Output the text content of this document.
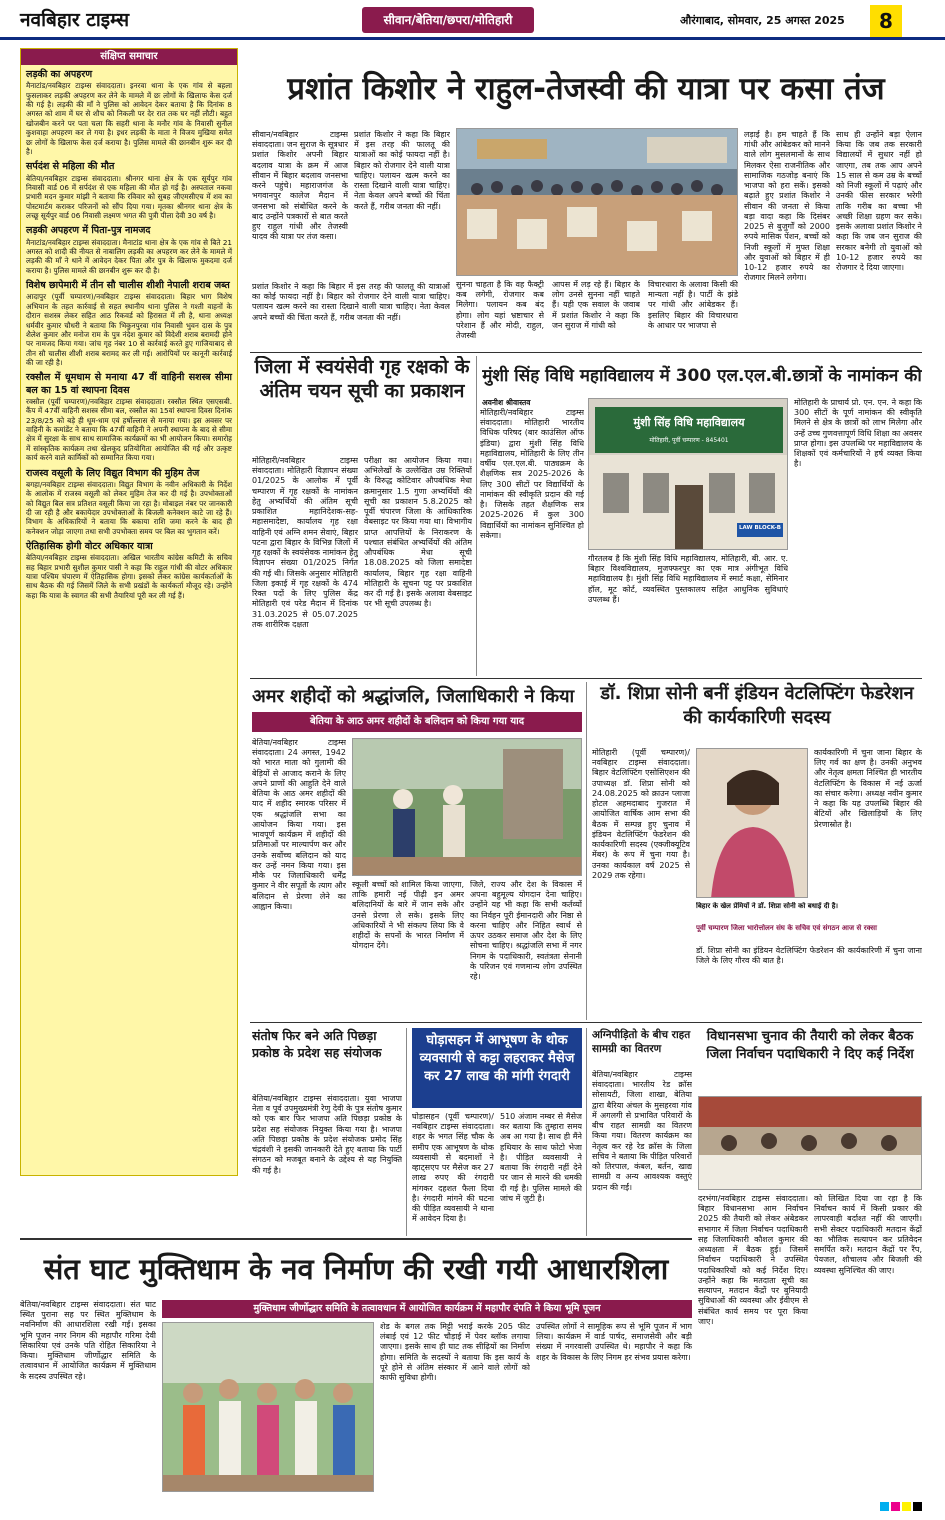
नवबिहार टाइम्स	सीवान/बेतिया/छपरा/मोतिहारी	औरंगाबाद, सोमवार, 25 अगस्त 2025	8
संक्षिप्त समाचार
लड़की का अपहरण
मैनाटांड/नवबिहार टाइम्स संवाददाता। इनरवा थाना के एक गांव से बहला फुसलाकर लड़की अपहरण कर लेने के मामले में छः लोगों के खिलाफ केस दर्ज की गई है। लड़की की माँ ने पुलिस को आवेदन देकर बताया है कि दिनांक 8 अगस्त को शाम में घर से शौच को निकली पर देर रात तक घर नहीं लौटी। बहुत खोजबीन करने पर पता चला कि सहरी थाना के मनौर गांव के निवासी सुनील कुशवाहा अपहरण कर ले गया है। इधर लड़की के माता ने विजय मुखिया समेत छः लोगों के खिलाफ केस दर्ज कराया है। पुलिस मामले की छानबीन शुरू कर दी है।
सर्पदंश से महिला की मौत
बेतिया/नवबिहार टाइम्स संवाददाता। श्रीनगर थाना क्षेत्र के एक सूर्यपुर गांव निवासी वार्ड 06 में सर्पदंश से एक महिला की मौत हो गई है। अस्पताल नकवा प्रभारी मदन कुमार मांझी ने बताया कि रविवार को सुबह जीएमसीएच में शव का पोस्टमार्टम कराकर परिजनों को सौंप दिया गया। मृतका श्रीनगर थाना क्षेत्र के लच्छू सूर्यपुर वार्ड 06 निवासी लक्ष्मण भगत की पुत्री पीला देवी 30 वर्ष है।
लड़की अपहरण में पिता-पुत्र नामजद
मैनाटांड/नवबिहार टाइम्स संवाददाता। मैनाटांड थाना क्षेत्र के एक गांव से बिते 21 अगस्त को शादी की नीयत से नाबालिग लड़की का अपहरण कर लेने के मामले में लड़की की माँ ने थाने में आवेदन देकर पिता और पुत्र के खिलाफ मुकदमा दर्ज कराया है। पुलिस मामले की छानबीन शुरू कर दी है।
विशेष छापेमारी में तीन सौ चालीस शीशी नेपाली शराब जब्त
आदापुर (पूर्वी चम्पारण)/नवबिहार टाइम्स संवाददाता। बिहार भाग विशेष अभियान के तहत कार्रवाई से सहत स्थानीय थाना पुलिस ने गश्ती वाहनों के दौरान सशस्त्र लेकर सहित आठ रिकवर्ड को हिरासत में ली है, थाना अध्यक्ष धर्मवीर कुमार चौधरी ने बताया कि भिकुनपुरवा गांव निवासी भुवन दास के पुत्र शैलेश कुमार और मनोज राम के पुत्र नंदेश कुमार को विदेशी शराब बरामदी होने पर नामजद किया गया। जांच गृह नंबर 10 से कार्रवाई करते हुए गाजियाबाद से तीन सौ चालीस शीशी शराब बरामद कर ली गई। आरोपियों पर कानूनी कार्रवाई की जा रही है।
रक्सौल में धूमधाम से मनाया 47 वीं वाहिनी सशस्त्र सीमा बल का 15 वां स्थापना दिवस
रक्सौल (पूर्वी चम्पारण)/नवबिहार टाइम्स संवाददाता। रक्सौल स्थित एसएसबी. कैंप में 47वीं वाहिनी सशस्त्र सीमा बल, रक्सौल का 15वां स्थापना दिवस दिनांक 23/8/25 को बड़े ही धूम-धाम एवं हर्षोल्लास से मनाया गया। इस अवसर पर वाहिनी के कमांडेंट ने बताया कि 47वीं वाहिनी ने अपनी स्थापना के बाद से सीमा क्षेत्र में सुरक्षा के साथ साथ सामाजिक कार्यक्रमों का भी आयोजन किया। समारोह में सांस्कृतिक कार्यक्रम तथा खेलकूद प्रतियोगिता आयोजित की गई और उत्कृष्ट कार्य करने वाले कार्मिकों को सम्मानित किया गया।
राजस्व वसूली के लिए विद्युत विभाग की मुहिम तेज
बगहा/नवबिहार टाइम्स संवाददाता। विद्युत विभाग के नवीन अधिकारी के निर्देश के आलोक में राजस्व वसूली को लेकर मुहिम तेज कर दी गई है। उपभोक्ताओं को विद्युत बिल सत्र प्रतिशत वसूली किया जा रहा है। मोबाइल नंबर पर जानकारी दी जा रही है और बकायेदार उपभोक्ताओं के बिजली कनेक्शन काटे जा रहे हैं। विभाग के अधिकारियों ने बताया कि बकाया राशि जमा करने के बाद ही कनेक्शन जोड़ा जाएगा तथा सभी उपभोक्ता समय पर बिल का भुगतान करें।
ऐतिहासिक होगी वोटर अधिकार यात्रा
बेतिया/नवबिहार टाइम्स संवाददाता। अखिल भारतीय कांग्रेस कमिटी के सचिव सह बिहार प्रभारी सुशील कुमार पासी ने कहा कि राहुल गांधी की वोटर अधिकार यात्रा पश्चिम चंपारण में ऐतिहासिक होगा। इसको लेकर कांग्रेस कार्यकर्ताओं के साथ बैठक की गई जिसमें जिले के सभी प्रखंडों के कार्यकर्ता मौजूद रहे। उन्होंने कहा कि यात्रा के स्वागत की सभी तैयारियां पूरी कर ली गई हैं।
प्रशांत किशोर ने राहुल-तेजस्वी की यात्रा पर कसा तंज
सीवान/नवबिहार टाइम्स संवाददाता। जन सुराज के सूत्रधार प्रशांत किशोर अपनी बिहार बदलाव यात्रा के क्रम में आज सीवान में बिहार बदलाव जनसभा करने पहुंचे। महाराजगंज के भगवानपुर कालेज मैदान में जनसभा को संबोधित करने के बाद उन्होंने पत्रकारों से बात करते हुए राहुल गांधी और तेजस्वी यादव की यात्रा पर तंज कसा।
प्रशांत किशोर ने कहा कि बिहार में इस तरह की फालतू की यात्राओं का कोई फायदा नहीं है। बिहार को रोजगार देने वाली यात्रा चाहिए। पलायन खत्म करने का रास्ता दिखाने वाली यात्रा चाहिए। नेता केवल अपने बच्चों की चिंता करते हैं, गरीब जनता की नहीं।
लड़ाई है। हम चाहते हैं कि गांधी और आंबेडकर को मानने वाले लोग मुसलमानों के साथ मिलकर ऐसा राजनीतिक और सामाजिक गठजोड़ बनाएं कि भाजपा को हरा सकें। इसको बढ़ाते हुए प्रशांत किशोर ने सीवान की जनता से किया बड़ा वादा कहा कि दिसंबर 2025 से बुजुर्गों को 2000 रुपये मासिक पेंशन, बच्चों को निजी स्कूलों में मुफ्त शिक्षा और युवाओं को बिहार में ही 10-12 हजार रुपये का रोजगार मिलने लगेगा।
साथ ही उन्होंने बड़ा ऐलान किया कि जब तक सरकारी विद्यालयों में सुधार नहीं हो जाएगा, तब तक आप अपने 15 साल से कम उम्र के बच्चों को निजी स्कूलों में पढ़ाएं और उनकी फीस सरकार भरेगी ताकि गरीब का बच्चा भी अच्छी शिक्षा ग्रहण कर सके। इसके अलावा प्रशांत किशोर ने कहा कि जब जन सुराज की सरकार बनेगी तो युवाओं को 10-12 हजार रुपये का रोजगार दे दिया जाएगा।
सुनना चाहता है कि वह फैक्ट्री कब लगेगी, रोजगार कब मिलेगा। पलायन कब बंद होगा। लोग यहां भ्रष्टाचार से परेशान हैं और मोदी, राहुल, तेजस्वी
आपस में लड़ रहे हैं। बिहार के लोग उनसे सुनना नहीं चाहते हैं। यही एक सवाल के जवाब में प्रशांत किशोर ने कहा कि जन सुराज में गांधी को
विचारधारा के अलावा किसी की मान्यता नहीं है। पार्टी के झंडे पर गांधी और आंबेडकर हैं। इसलिए बिहार की विचारधारा के आधार पर भाजपा से
प्रशांत किशोर ने कहा कि बिहार में इस तरह की फालतू की यात्राओं का कोई फायदा नहीं है। बिहार को रोजगार देने वाली यात्रा चाहिए। पलायन खत्म करने का रास्ता दिखाने वाली यात्रा चाहिए। नेता केवल अपने बच्चों की चिंता करते हैं, गरीब जनता की नहीं।
जिला में स्वयंसेवी गृह रक्षको के अंतिम चयन सूची का प्रकाशन
मोतिहारी/नवबिहार टाइम्स संवाददाता। मोतिहारी विज्ञापन संख्या 01/2025 के आलोक में पूर्वी चम्पारण में गृह रक्षकों के नामांकन हेतु अभ्यर्थियों की अंतिम सूची प्रकाशित महानिदेशक-सह-महासमादेष्टा, कार्यालय गृह रक्षा वाहिनी एवं अग्नि शमन सेवाएं, बिहार पटना द्वारा बिहार के विभिन्न जिलों में गृह रक्षकों के स्वयंसेवक नामांकन हेतु विज्ञापन संख्या 01/2025 निर्गत की गई थी। जिसके अनुसार मोतिहारी जिला इकाई में गृह रक्षकों के 474 रिक्त पदों के लिए पुलिस केंद्र मोतिहारी एवं परेड मैदान में दिनांक 31.03.2025 से 05.07.2025 तक शारीरिक दक्षता
परीक्षा का आयोजन किया गया। अभिलेखों के उल्लेखित उम्र रिक्तियों के विरुद्ध कोटिवार औपबंधिक मेधा क्रमानुसार 1.5 गुणा अभ्यर्थियों की सूची का प्रकाशन 5.8.2025 को पूर्वी चंपारण जिला के आधिकारिक वेबसाइट पर किया गया था। विभागीय प्राप्त आपत्तियों के निराकरण के पश्चात संबंधित अभ्यर्थियों की अंतिम औपबंधिक मेधा सूची 18.08.2025 को जिला समादेष्टा कार्यालय, बिहार गृह रक्षा वाहिनी मोतिहारी के सूचना पट्ट पर प्रकाशित कर दी गई है। इसके अलावा वेबसाइट पर भी सूची उपलब्ध है।
मुंशी सिंह विधि महाविद्यालय में 300 एल.एल.बी.छात्रों के नामांकन की
अवनीश श्रीवास्तव
मोतिहारी/नवबिहार टाइम्स संवाददाता। मोतिहारी भारतीय विधिक परिषद (बार काउंसिल ऑफ इंडिया) द्वारा मुंशी सिंह विधि महाविद्यालय, मोतिहारी के लिए तीन वर्षीय एल.एल.बी. पाठ्यक्रम के शैक्षणिक सत्र 2025-2026 के लिए 300 सीटों पर विद्यार्थियों के नामांकन की स्वीकृति प्रदान की गई है। जिसके तहत शैक्षणिक सत्र 2025-2026 में कुल 300 विद्यार्थियों का नामांकन सुनिश्चित हो सकेगा।
मुंशी सिंह विधि महाविद्यालय
मोतिहारी, पूर्वी चम्पारण - 845401
LAW BLOCK-B
गौरतलब है कि मुंशी सिंह विधि महाविद्यालय, मोतिहारी, बी. आर. ए. बिहार विश्वविद्यालय, मुजफ्फरपुर का एक मात्र अंगीभूत विधि महाविद्यालय है। मुंशी सिंह विधि महाविद्यालय में स्मार्ट कक्षा, सेमिनार हॉल, मूट कोर्ट, व्यवस्थित पुस्तकालय सहित आधुनिक सुविधाएं उपलब्ध हैं।
मोतिहारी के प्राचार्य प्रो. एन. एन. ने कहा कि 300 सीटों के पूर्ण नामांकन की स्वीकृति मिलने से क्षेत्र के छात्रों को लाभ मिलेगा और उन्हें उच्च गुणवत्तापूर्ण विधि शिक्षा का अवसर प्राप्त होगा। इस उपलब्धि पर महाविद्यालय के शिक्षकों एवं कर्मचारियों ने हर्ष व्यक्त किया है।
अमर शहीदों को श्रद्धांजलि, जिलाधिकारी ने किया
बेतिया के आठ अमर शहीदों के बलिदान को किया गया याद
बेतिया/नवबिहार टाइम्स संवाददाता। 24 अगस्त, 1942 को भारत माता को गुलामी की बेड़ियों से आजाद कराने के लिए अपने प्राणों की आहुति देने वाले बेतिया के आठ अमर शहीदों की याद में शहीद स्मारक परिसर में एक श्रद्धांजलि सभा का आयोजन किया गया। इस भावपूर्ण कार्यक्रम में शहीदों की प्रतिमाओं पर माल्यार्पण कर और उनके सर्वोच्च बलिदान को याद कर उन्हें नमन किया गया। इस मौके पर जिलाधिकारी धर्मेंद्र कुमार ने वीर सपूतों के त्याग और बलिदान से प्रेरणा लेने का आह्वान किया।
स्कूली बच्चों को शामिल किया जाएगा, ताकि हमारी नई पीढ़ी इन अमर बलिदानियों के बारे में जान सके और उनसे प्रेरणा ले सके। इसके लिए अधिकारियों ने भी संकल्प लिया कि वे शहीदों के सपनों के भारत निर्माण में योगदान देंगे।
जिले, राज्य और देश के विकास में अपना बहुमूल्य योगदान देना चाहिए। उन्होंने यह भी कहा कि सभी कर्तव्यों का निर्वहन पूरी ईमानदारी और निष्ठा से करना चाहिए और निहित स्वार्थ से ऊपर उठकर समाज और देश के लिए सोचना चाहिए। श्रद्धांजलि सभा में नगर निगम के पदाधिकारी, स्वतंत्रता सेनानी के परिजन एवं गणमान्य लोग उपस्थित रहे।
डॉ. शिप्रा सोनी बनीं इंडियन वेटलिफ्टिंग फेडरेशन की कार्यकारिणी सदस्य
मोतिहारी (पूर्वी चम्पारण)/नवबिहार टाइम्स संवाददाता। बिहार वेटलिफ्टिंग एसोसिएशन की उपाध्यक्ष डॉ. शिप्रा सोनी को 24.08.2025 को क्राउन प्लाजा होटल अहमदाबाद गुजरात में आयोजित वार्षिक आम सभा की बैठक में सम्पन्न हुए चुनाव में इंडियन वेटलिफ्टिंग फेडरेशन की कार्यकारिणी सदस्य (एक्जीक्यूटिव मेंबर) के रूप में चुना गया है। उनका कार्यकाल वर्ष 2025 से 2029 तक रहेगा।
कार्यकारिणी में चुना जाना बिहार के लिए गर्व का क्षण है। उनकी अनुभव और नेतृत्व क्षमता निश्चित ही भारतीय वेटलिफ्टिंग के विकास में नई ऊर्जा का संचार करेगा। अध्यक्ष नवीन कुमार ने कहा कि यह उपलब्धि बिहार की बेटियों और खिलाड़ियों के लिए प्रेरणास्रोत है।
बिहार के खेल प्रेमियों ने डॉ. शिप्रा सोनी को बधाई दी है।
पूर्वी चम्पारण जिला भारोत्तोलन संघ के सचिव एवं संगठन आज से रक्सा
डॉ. शिप्रा सोनी का इंडियन वेटलिफ्टिंग फेडरेशन की कार्यकारिणी में चुना जाना जिले के लिए गौरव की बात है।
संतोष फिर बने अति पिछड़ा प्रकोष्ठ के प्रदेश सह संयोजक
बेतिया/नवबिहार टाइम्स संवाददाता। युवा भाजपा नेता व पूर्व उपमुख्यमंत्री रेणु देवी के पुत्र संतोष कुमार को एक बार फिर भाजपा अति पिछड़ा प्रकोष्ठ के प्रदेश सह संयोजक नियुक्त किया गया है। भाजपा अति पिछड़ा प्रकोष्ठ के प्रदेश संयोजक प्रमोद सिंह चंद्रवंशी ने इसकी जानकारी देते हुए बताया कि पार्टी संगठन को मजबूत बनाने के उद्देश्य से यह नियुक्ति की गई है।
घोड़ासहन में आभूषण के थोक व्यवसायी से कट्टा लहराकर मैसेज कर 27 लाख की मांगी रंगदारी
घोड़ासहन (पूर्वी चम्पारण)/नवबिहार टाइम्स संवाददाता। शहर के भगत सिंह चौक के समीप एक आभूषण के थोक व्यवसायी से बदमाशों ने व्हाट्सएप पर मैसेज कर 27 लाख रुपए की रंगदारी मांगकर दहशत फैला दिया है। रंगदारी मांगने की घटना की पीड़ित व्यवसायी ने थाना में आवेदन दिया है।
510 अंजाम नम्बर से मैसेज कर बताया कि तुम्हारा समय अब आ गया है। साथ ही मैंने हथियार के साथ फोटो भेजा है। पीड़ित व्यवसायी ने बताया कि रंगदारी नहीं देने पर जान से मारने की धमकी दी गई है। पुलिस मामले की जांच में जुटी है।
अग्निपीड़ितो के बीच राहत सामग्री का वितरण
बेतिया/नवबिहार टाइम्स संवाददाता। भारतीय रेड क्रॉस सोसायटी, जिला शाखा, बेतिया द्वारा बैरिया अंचल के मुसहरवा गांव में अगलगी से प्रभावित परिवारों के बीच राहत सामग्री का वितरण किया गया। वितरण कार्यक्रम का नेतृत्व कर रहे रेड क्रॉस के जिला सचिव ने बताया कि पीड़ित परिवारों को तिरपाल, कंबल, बर्तन, खाद्य सामग्री व अन्य आवश्यक वस्तुएं प्रदान की गईं।
विधानसभा चुनाव की तैयारी को लेकर बैठक जिला निर्वाचन पदाधिकारी ने दिए कई निर्देश
दरभंगा/नवबिहार टाइम्स संवाददाता। बिहार विधानसभा आम निर्वाचन 2025 की तैयारी को लेकर अंबेडकर सभागार में जिला निर्वाचन पदाधिकारी सह जिलाधिकारी कौशल कुमार की अध्यक्षता में बैठक हुई। जिसमें निर्वाचन पदाधिकारी ने उपस्थित पदाधिकारियों को कई निर्देश दिए। उन्होंने कहा कि मतदाता सूची का सत्यापन, मतदान केंद्रों पर बुनियादी सुविधाओं की व्यवस्था और ईवीएम से संबंधित कार्य समय पर पूरा किया जाए।
को लिखित दिया जा रहा है कि निर्वाचन कार्य में किसी प्रकार की लापरवाही बर्दाश्त नहीं की जाएगी। सभी सेक्टर पदाधिकारी मतदान केंद्रों का भौतिक सत्यापन कर प्रतिवेदन समर्पित करें। मतदान केंद्रों पर रैंप, पेयजल, शौचालय और बिजली की व्यवस्था सुनिश्चित की जाए।
संत घाट मुक्तिधाम के नव निर्माण की रखी गयी आधारशिला
बेतिया/नवबिहार टाइम्स संवाददाता। संत घाट स्थित पुराना सह पर स्थित मुक्तिधाम के नवनिर्माण की आधारशिला रखी गई। इसका भूमि पूजन नगर निगम की महापौर गरिमा देवी सिकारिया एवं उनके पति रोहित सिकारिया ने किया। मुक्तिधाम जीर्णोद्धार समिति के तत्वावधान में आयोजित कार्यक्रम में मुक्तिधाम के सदस्य उपस्थित रहे।
मुक्तिधाम जीर्णोद्धार समिति के तत्वावधान में आयोजित कार्यक्रम में महापौर दंपति ने किया भूमि पूजन
शेड के बगल तक मिट्टी भराई करके 205 फीट लंबाई एवं 12 फीट चौड़ाई में पेवर ब्लॉक लगाया जाएगा। इसके साथ ही घाट तक सीढ़ियों का निर्माण होगा। समिति के सदस्यों ने बताया कि इस कार्य के पूरे होने से अंतिम संस्कार में आने वाले लोगों को काफी सुविधा होगी।
उपस्थित लोगों ने सामूहिक रूप से भूमि पूजन में भाग लिया। कार्यक्रम में वार्ड पार्षद, समाजसेवी और बड़ी संख्या में नगरवासी उपस्थित थे। महापौर ने कहा कि शहर के विकास के लिए निगम हर संभव प्रयास करेगा।
